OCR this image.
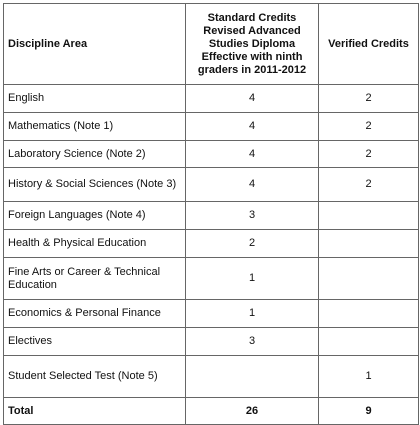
Discipline Area	Standard Credits Revised Advanced Studies Diploma Effective with ninth graders in 2011-2012	Verified Credits
English	4	2
Mathematics (Note 1)	4	2
Laboratory Science (Note 2)	4	2
History & Social Sciences (Note 3)	4	2
Foreign Languages (Note 4)	3	
Health & Physical Education	2	
Fine Arts or Career & Technical Education	1	
Economics & Personal Finance	1	
Electives	3	
Student Selected Test (Note 5)		1
Total	26	9
